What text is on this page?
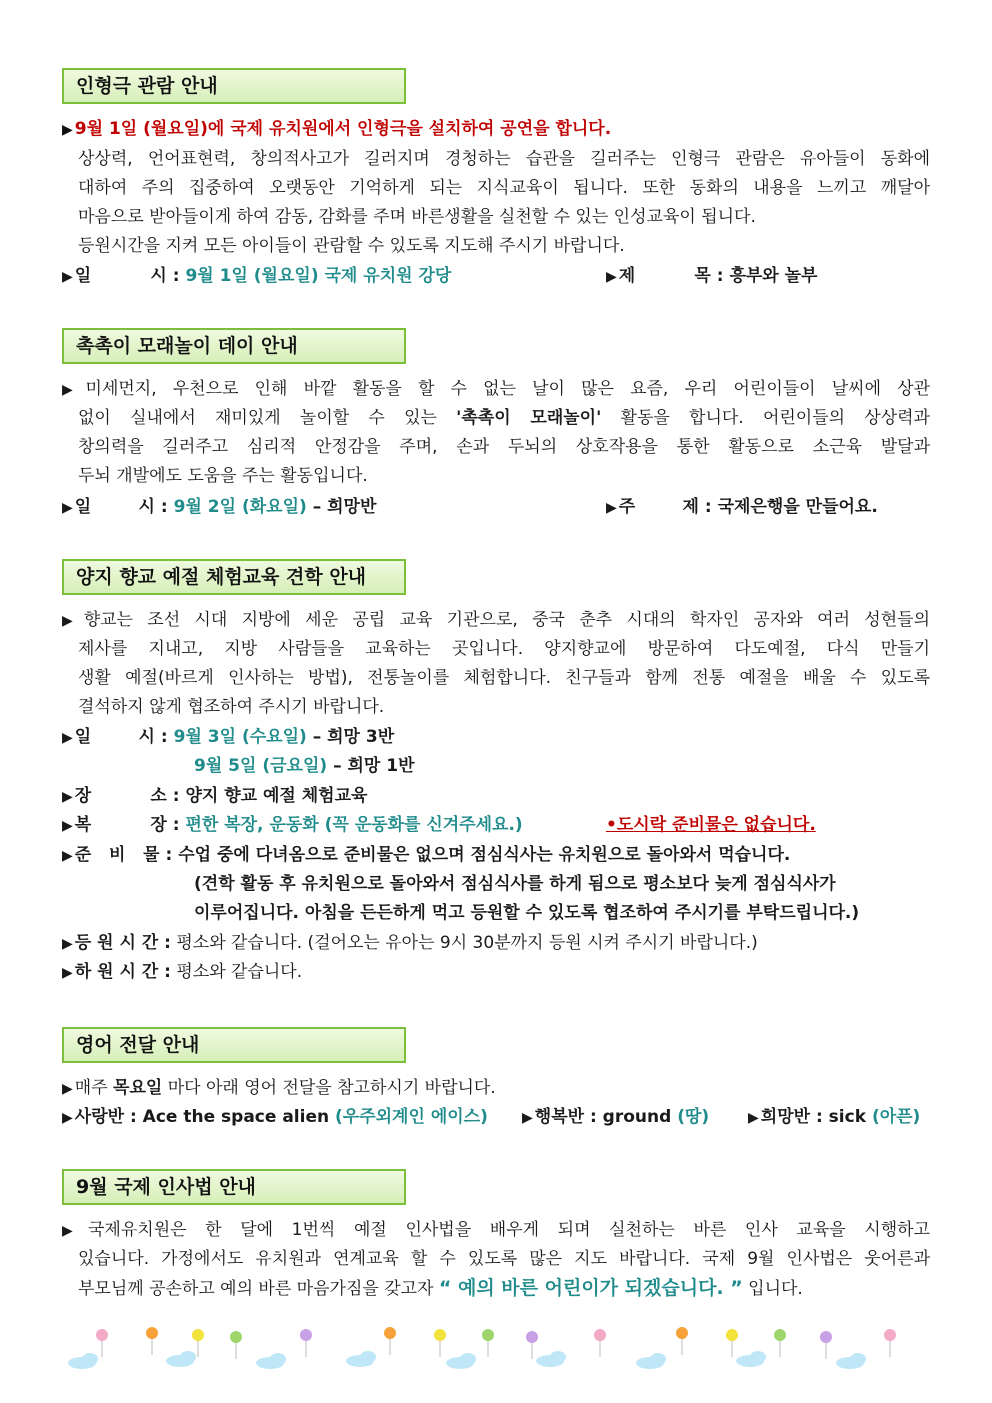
인형극 관람 안내
▶ 9월 1일 (월요일)에 국제 유치원에서 인형극을 설치하여 공연을 합니다.
상상력, 언어표현력, 창의적사고가 길러지며 경청하는 습관을 길러주는 인형극 관람은 유아들이 동화에
대하여 주의 집중하여 오랫동안 기억하게 되는 지식교육이 됩니다. 또한 동화의 내용을 느끼고 깨달아
마음으로 받아들이게 하여 감동, 감화를 주며 바른생활을 실천할 수 있는 인성교육이 됩니다.
등원시간을 지켜 모든 아이들이 관람할 수 있도록 지도해 주시기 바랍니다.
▶ 일          시 : 9월 1일 (월요일) 국제 유치원 강당	▶ 제          목 : 흥부와 놀부
촉촉이 모래놀이 데이 안내
▶ 미세먼지, 우천으로 인해 바깥 활동을 할 수 없는 날이 많은 요즘, 우리 어린이들이 날씨에 상관
없이 실내에서 재미있게 놀이할 수 있는 '촉촉이 모래놀이' 활동을 합니다. 어린이들의 상상력과
창의력을 길러주고 심리적 안정감을 주며, 손과 두뇌의 상호작용을 통한 활동으로 소근육 발달과
두뇌 개발에도 도움을 주는 활동입니다.
▶ 일        시 : 9월 2일 (화요일) – 희망반	▶ 주        제 : 국제은행을 만들어요.
양지 향교 예절 체험교육 견학 안내
▶ 향교는 조선 시대 지방에 세운 공립 교육 기관으로, 중국 춘추 시대의 학자인 공자와 여러 성현들의
제사를 지내고, 지방 사람들을 교육하는 곳입니다. 양지향교에 방문하여 다도예절, 다식 만들기
생활 예절(바르게 인사하는 방법), 전통놀이를 체험합니다. 친구들과 함께 전통 예절을 배울 수 있도록
결석하지 않게 협조하여 주시기 바랍니다.
▶ 일        시 : 9월 3일 (수요일) – 희망 3반
9월 5일 (금요일) – 희망 1반
▶ 장          소 : 양지 향교 예절 체험교육
▶ 복          장 : 편한 복장, 운동화 (꼭 운동화를 신겨주세요.)	•도시락 준비물은 없습니다.
▶ 준   비   물 : 수업 중에 다녀옴으로 준비물은 없으며 점심식사는 유치원으로 돌아와서 먹습니다.
(견학 활동 후 유치원으로 돌아와서 점심식사를 하게 됨으로 평소보다 늦게 점심식사가
이루어집니다. 아침을 든든하게 먹고 등원할 수 있도록 협조하여 주시기를 부탁드립니다.)
▶ 등 원 시 간 : 평소와 같습니다. (걸어오는 유아는 9시 30분까지 등원 시켜 주시기 바랍니다.)
▶ 하 원 시 간 : 평소와 같습니다.
영어 전달 안내
▶ 매주 목요일 마다 아래 영어 전달을 참고하시기 바랍니다.
▶ 사랑반 : Ace the space alien (우주외계인 에이스) ▶ 행복반 : ground (땅)	▶ 희망반 : sick (아픈)
9월 국제 인사법 안내
▶ 국제유치원은 한 달에 1번씩 예절 인사법을 배우게 되며 실천하는 바른 인사 교육을 시행하고
있습니다. 가정에서도 유치원과 연계교육 할 수 있도록 많은 지도 바랍니다. 국제 9월 인사법은 웃어른과
부모님께 공손하고 예의 바른 마음가짐을 갖고자 “ 예의 바른 어린이가 되겠습니다. ” 입니다.
